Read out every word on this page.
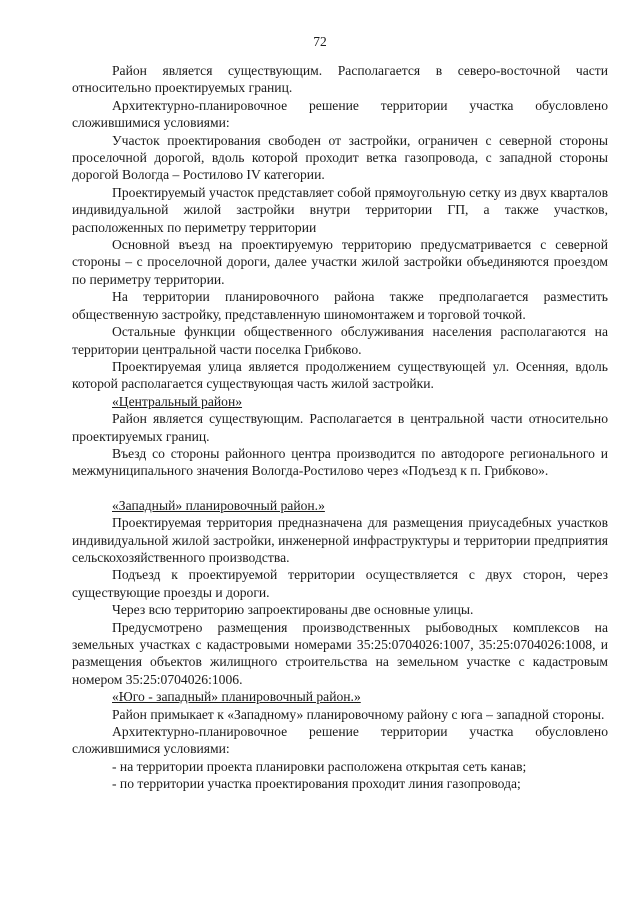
72

Район является существующим. Располагается в северо-восточной части относительно проектируемых границ.

Архитектурно-планировочное решение территории участка обусловлено сложившимися условиями:

Участок проектирования свободен от застройки, ограничен с северной стороны проселочной дорогой, вдоль которой проходит ветка газопровода, с западной стороны дорогой Вологда – Ростилово IV категории.

Проектируемый участок представляет собой прямоугольную сетку из двух кварталов индивидуальной жилой застройки внутри территории ГП, а также участков, расположенных по периметру территории

Основной въезд на проектируемую территорию предусматривается с северной стороны – с проселочной дороги, далее участки жилой застройки объединяются проездом по периметру территории.

На территории планировочного района также предполагается разместить общественную застройку, представленную шиномонтажем и торговой точкой.

Остальные функции общественного обслуживания населения располагаются на территории центральной части поселка Грибково.

Проектируемая улица является продолжением существующей ул. Осенняя, вдоль которой располагается существующая часть жилой застройки.

«Центральный район»

Район является существующим. Располагается в центральной части относительно проектируемых границ.

Въезд со стороны районного центра производится по автодороге регионального и межмуниципального значения Вологда-Ростилово через «Подъезд к п. Грибково».

«Западный» планировочный район.»

Проектируемая территория предназначена для размещения приусадебных участков индивидуальной жилой застройки, инженерной инфраструктуры и территории предприятия сельскохозяйственного производства.

Подъезд к проектируемой территории осуществляется с двух сторон, через существующие проезды и дороги.

Через всю территорию запроектированы две основные улицы.

Предусмотрено размещения производственных рыбоводных комплексов на земельных участках с кадастровыми номерами 35:25:0704026:1007, 35:25:0704026:1008, и размещения объектов жилищного строительства на земельном участке с кадастровым номером 35:25:0704026:1006.

«Юго - западный» планировочный район.»

Район примыкает к «Западному» планировочному району с юга – западной стороны.

Архитектурно-планировочное решение территории участка обусловлено сложившимися условиями:

- на территории проекта планировки расположена открытая сеть канав;

- по территории участка проектирования проходит линия газопровода;
